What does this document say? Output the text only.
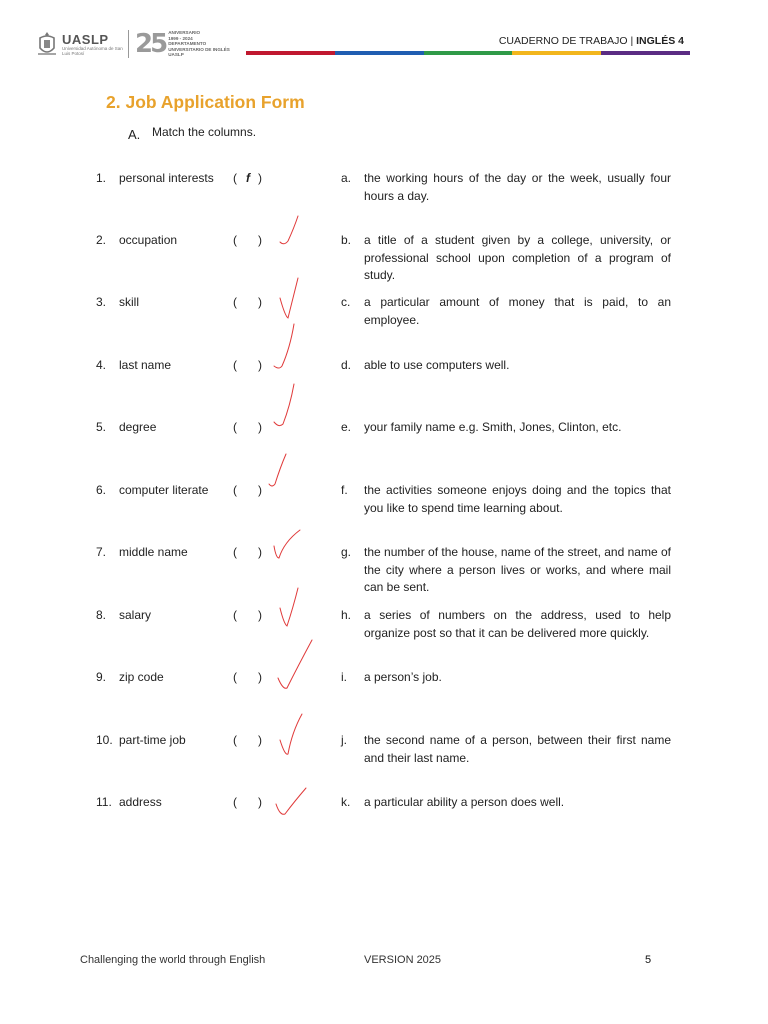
UASLP
Universidad Autónoma de San Luis Potosí	25 ANIVERSARIO
1999 - 2024
DEPARTAMENTO
UNIVERSITARIO DE INGLÉS
UASLP
CUADERNO DE TRABAJO | INGLÉS 4
2. Job Application Form
A. Match the columns.
1.	personal interests	( f )	a. the working hours of the day or the week, usually four hours a day.
2.	occupation	( )	b. a title of a student given by a college, university, or professional school upon completion of a program of study.
3.	skill	( )	c. a particular amount of money that is paid, to an employee.
4.	last name	( )	d. able to use computers well.
5.	degree	( )	e. your family name e.g. Smith, Jones, Clinton, etc.
6.	computer literate	( )	f. the activities someone enjoys doing and the topics that you like to spend time learning about.
7.	middle name	( )	g. the number of the house, name of the street, and name of the city where a person lives or works, and where mail can be sent.
8.	salary	( )	h. a series of numbers on the address, used to help organize post so that it can be delivered more quickly.
9.	zip code	( )	i. a person’s job.
10. part-time job	( )	j. the second name of a person, between their first name and their last name.
11. address	( )	k. a particular ability a person does well.
Challenging the world through English	VERSION 2025	5
